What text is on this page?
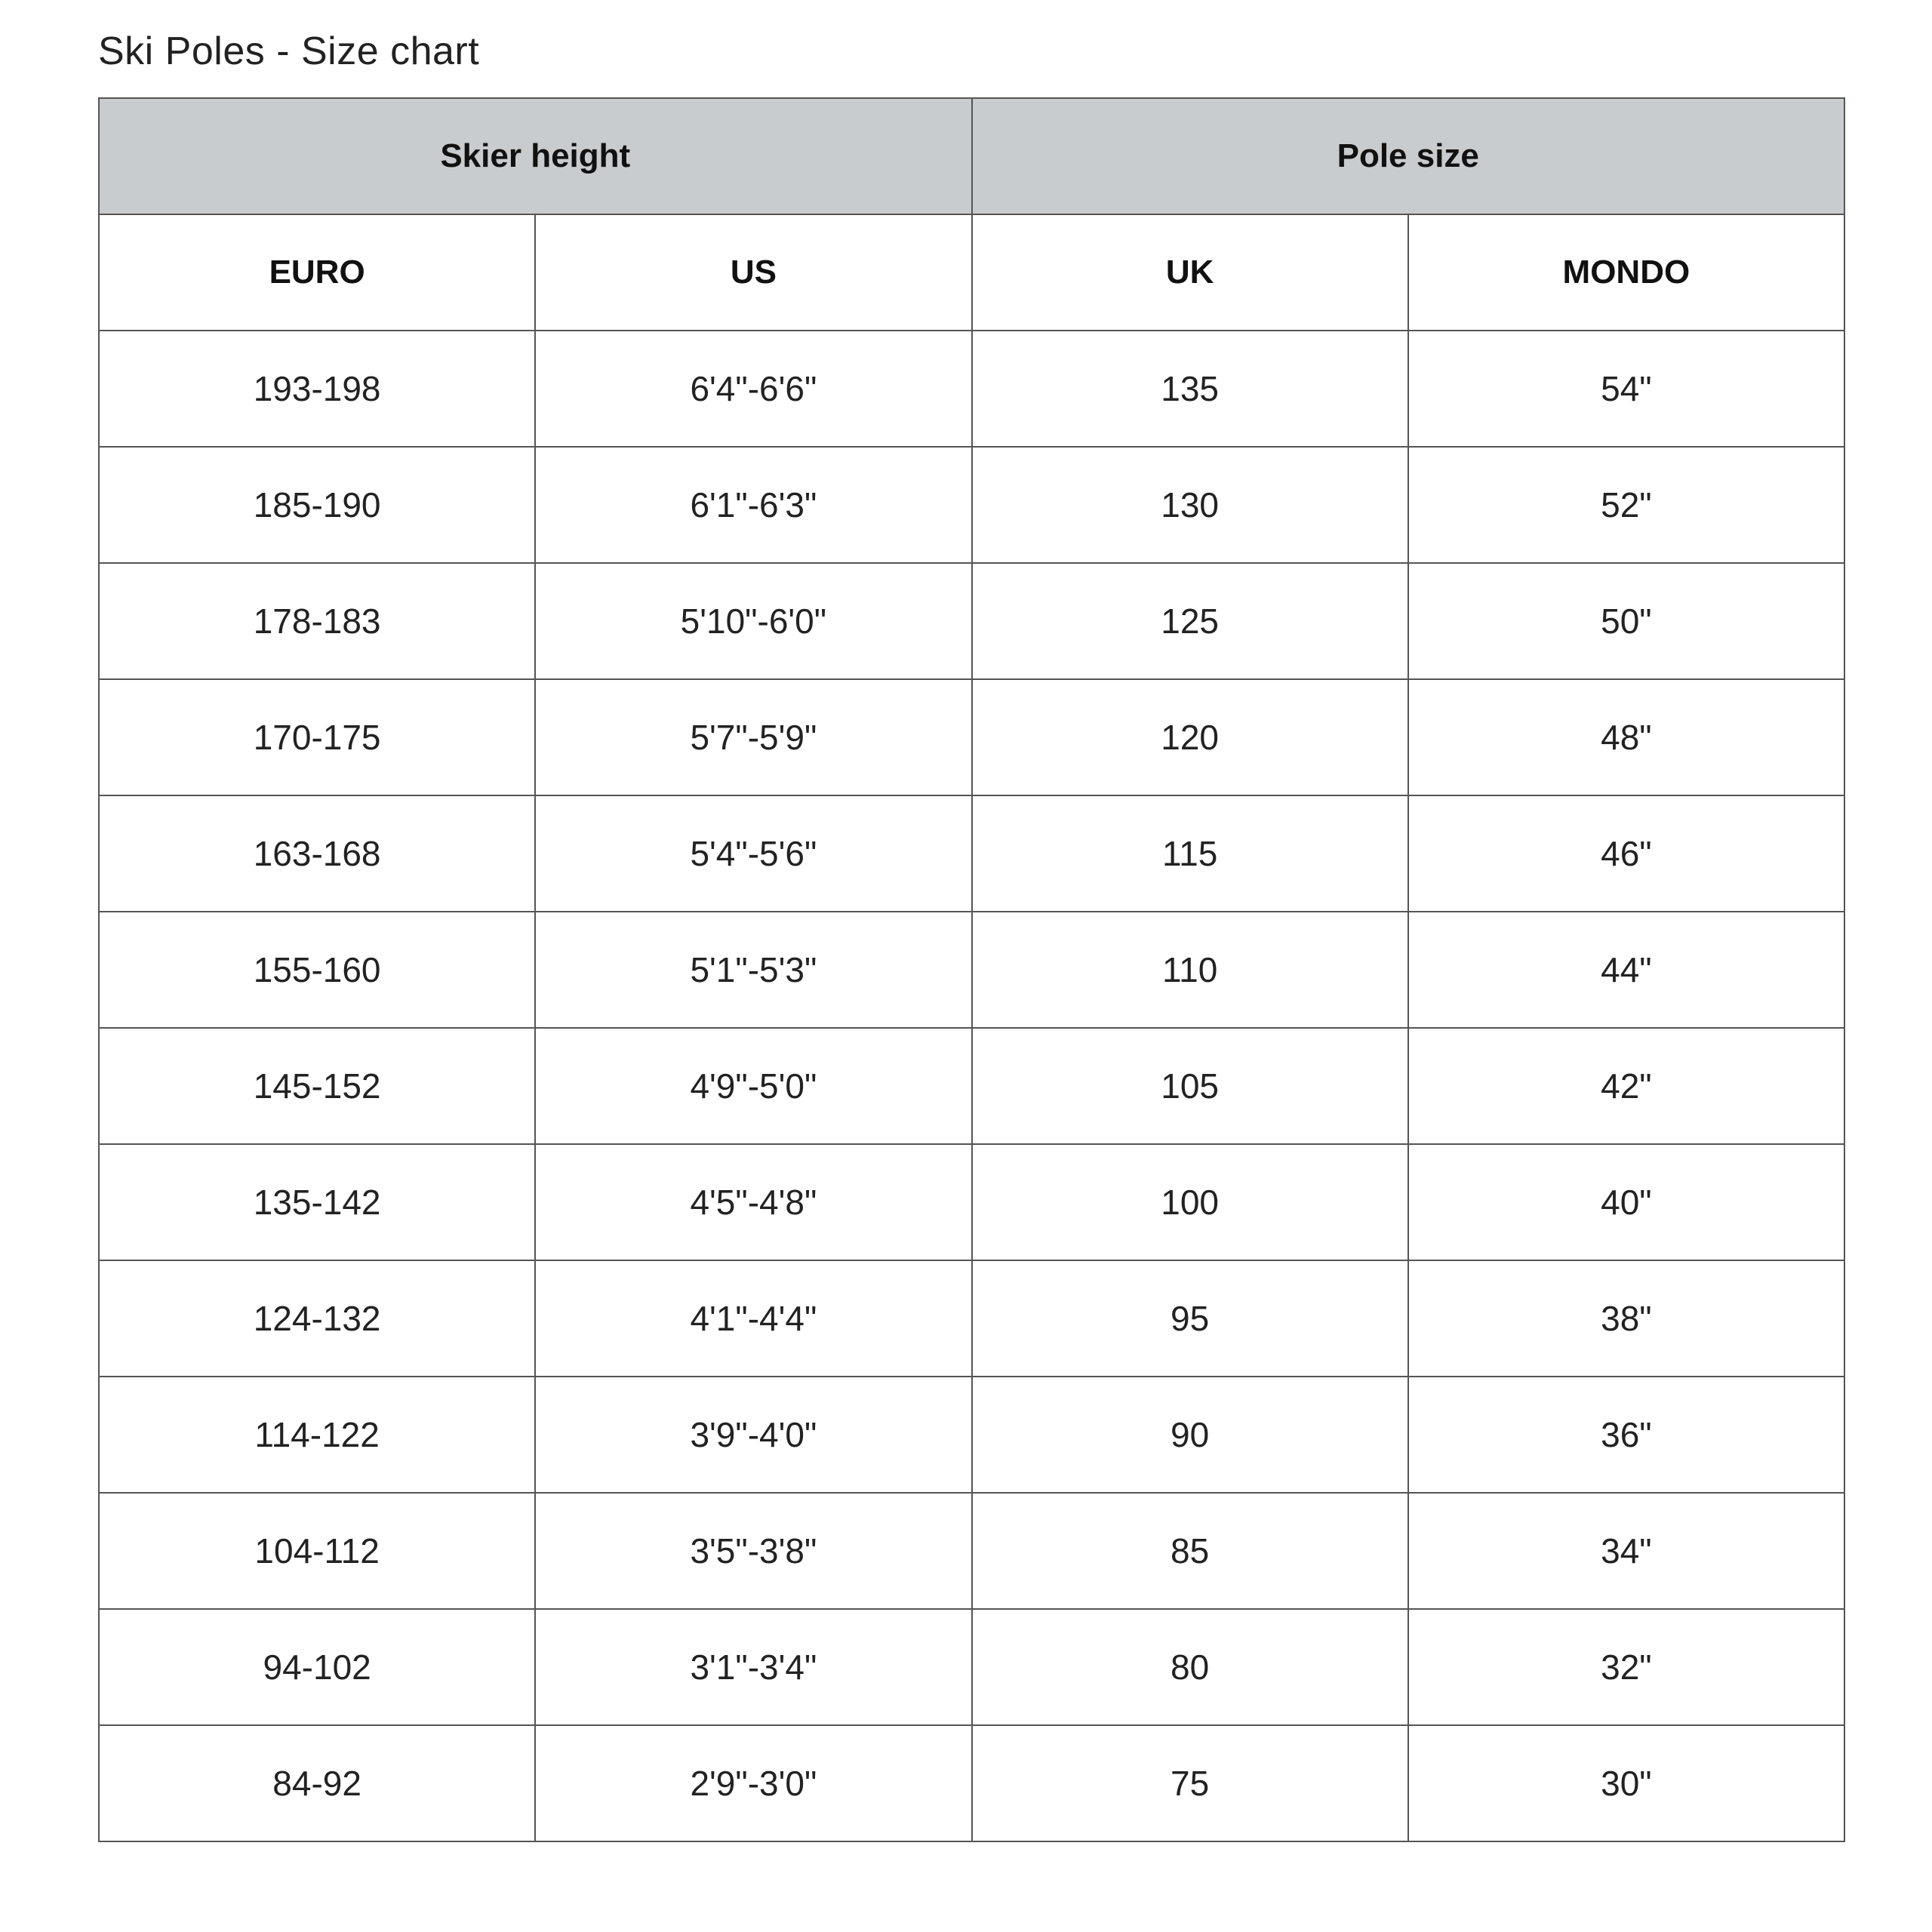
Ski Poles - Size chart
Skier height		Pole size	
EURO	US	UK	MONDO
193-198	6'4"-6'6"	135	54"
185-190	6'1"-6'3"	130	52"
178-183	5'10"-6'0"	125	50"
170-175	5'7"-5'9"	120	48"
163-168	5'4"-5'6"	115	46"
155-160	5'1"-5'3"	110	44"
145-152	4'9"-5'0"	105	42"
135-142	4'5"-4'8"	100	40"
124-132	4'1"-4'4"	95	38"
114-122	3'9"-4'0"	90	36"
104-112	3'5"-3'8"	85	34"
94-102	3'1"-3'4"	80	32"
84-92	2'9"-3'0"	75	30"
